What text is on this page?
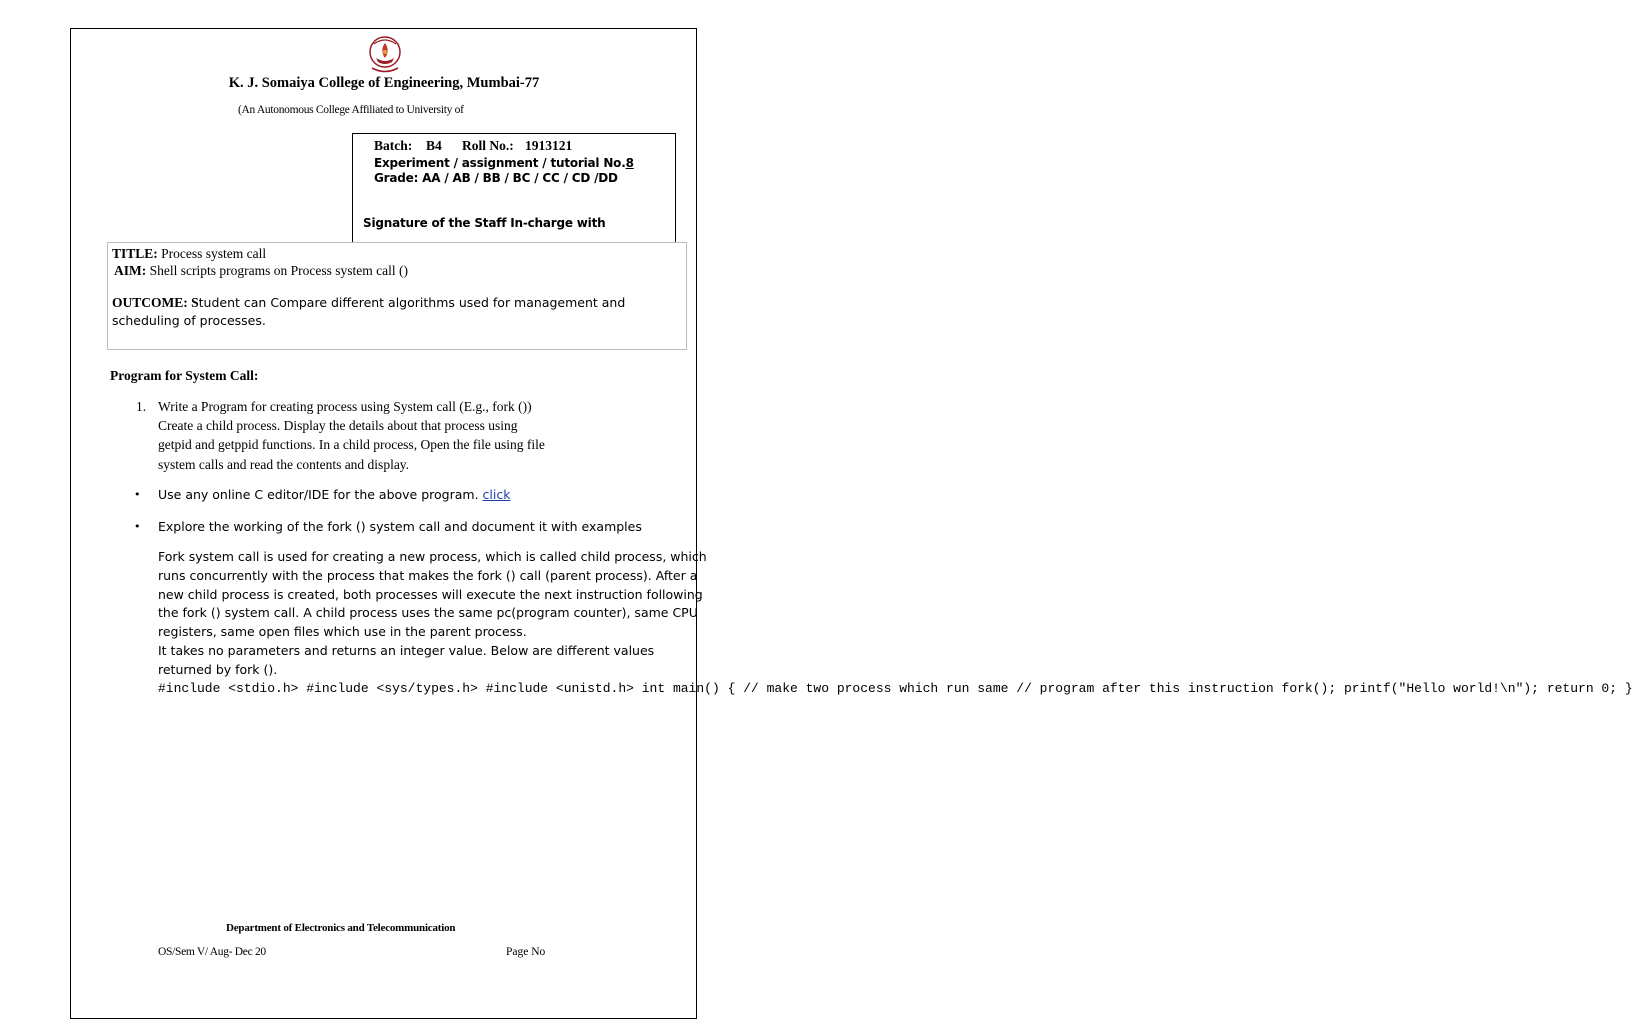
K. J. Somaiya College of Engineering, Mumbai-77
(An Autonomous College Affiliated to University of
Batch: B4 Roll No.: 1913121
Experiment / assignment / tutorial No.8
Grade: AA / AB / BB / BC / CC / CD /DD
Signature of the Staff In-charge with
TITLE: Process system call
AIM: Shell scripts programs on Process system call ()
OUTCOME: Student can Compare different algorithms used for management and
scheduling of processes.
Program for System Call:
1. Write a Program for creating process using System call (E.g., fork ())
Create a child process. Display the details about that process using
getpid and getppid functions. In a child process, Open the file using file
system calls and read the contents and display.
• Use any online C editor/IDE for the above program. click
• Explore the working of the fork () system call and document it with examples
Fork system call is used for creating a new process, which is called child process, which
runs concurrently with the process that makes the fork () call (parent process). After a
new child process is created, both processes will execute the next instruction following
the fork () system call. A child process uses the same pc(program counter), same CPU
registers, same open files which use in the parent process.
It takes no parameters and returns an integer value. Below are different values
returned by fork ().
#include <stdio.h> #include <sys/types.h> #include <unistd.h> int main() { // make two process which run same // program after this instruction fork(); printf("Hello world!\n"); return 0; }
Department of Electronics and Telecommunication
OS/Sem V/ Aug- Dec 20	Page No
